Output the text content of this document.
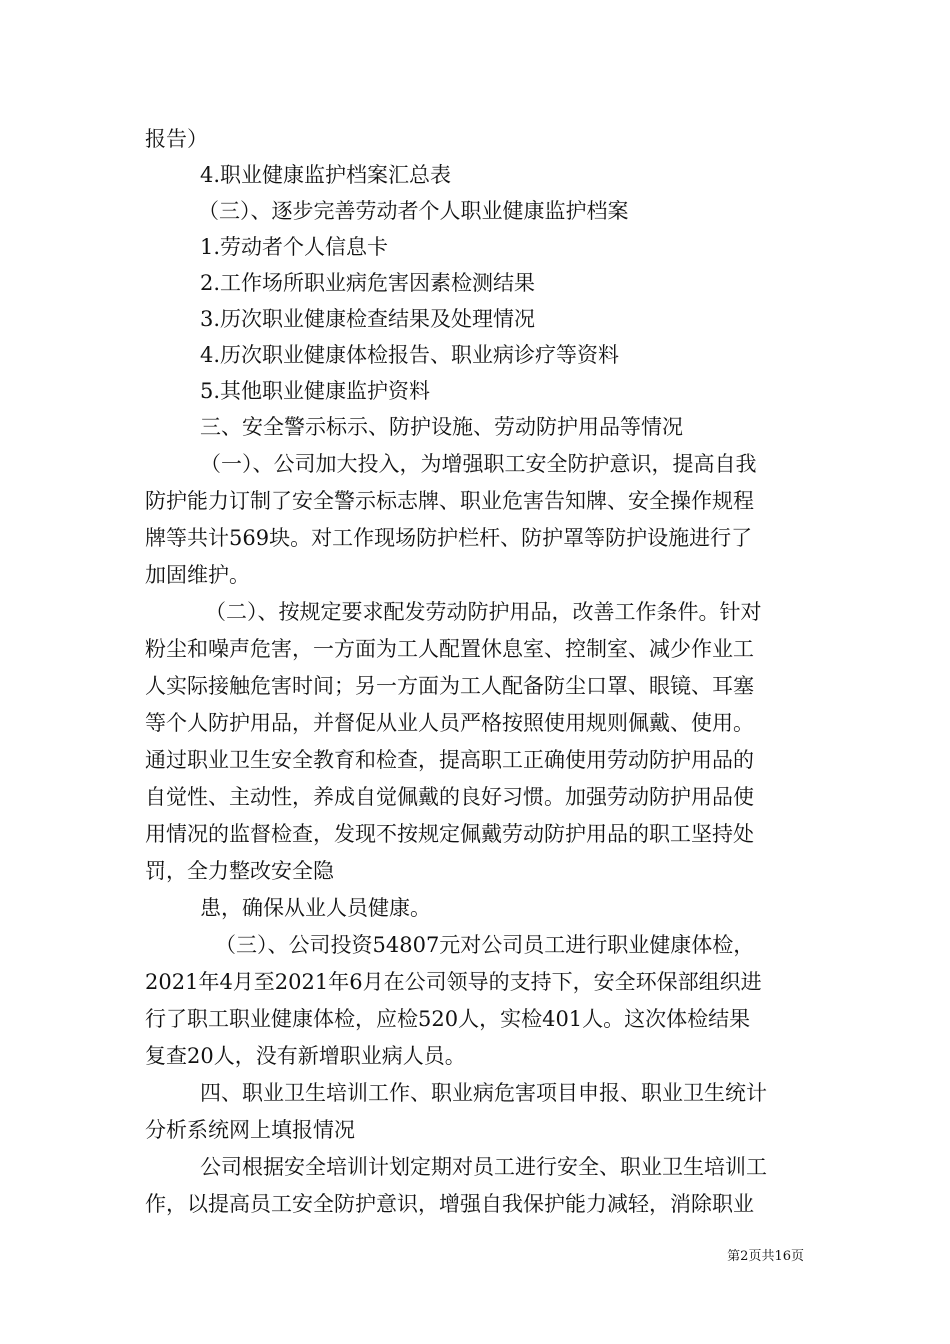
报告）
4.职业健康监护档案汇总表
（三）、逐步完善劳动者个人职业健康监护档案
1.劳动者个人信息卡
2.工作场所职业病危害因素检测结果
3.历次职业健康检查结果及处理情况
4.历次职业健康体检报告、职业病诊疗等资料
5.其他职业健康监护资料
三、安全警示标示、防护设施、劳动防护用品等情况
（一）、公司加大投入，为增强职工安全防护意识，提高自我
防护能力订制了安全警示标志牌、职业危害告知牌、安全操作规程
牌等共计569块。对工作现场防护栏杆、防护罩等防护设施进行了
加固维护。
（二）、按规定要求配发劳动防护用品，改善工作条件。针对
粉尘和噪声危害，一方面为工人配置休息室、控制室、减少作业工
人实际接触危害时间；另一方面为工人配备防尘口罩、眼镜、耳塞
等个人防护用品，并督促从业人员严格按照使用规则佩戴、使用。
通过职业卫生安全教育和检查，提高职工正确使用劳动防护用品的
自觉性、主动性，养成自觉佩戴的良好习惯。加强劳动防护用品使
用情况的监督检查，发现不按规定佩戴劳动防护用品的职工坚持处
罚，全力整改安全隐
患，确保从业人员健康。
（三）、公司投资54807元对公司员工进行职业健康体检，
2021年4月至2021年6月在公司领导的支持下，安全环保部组织进
行了职工职业健康体检，应检520人，实检401人。这次体检结果
复查20人，没有新增职业病人员。
四、职业卫生培训工作、职业病危害项目申报、职业卫生统计
分析系统网上填报情况
公司根据安全培训计划定期对员工进行安全、职业卫生培训工
作，以提高员工安全防护意识，增强自我保护能力减轻，消除职业
第2页共16页
